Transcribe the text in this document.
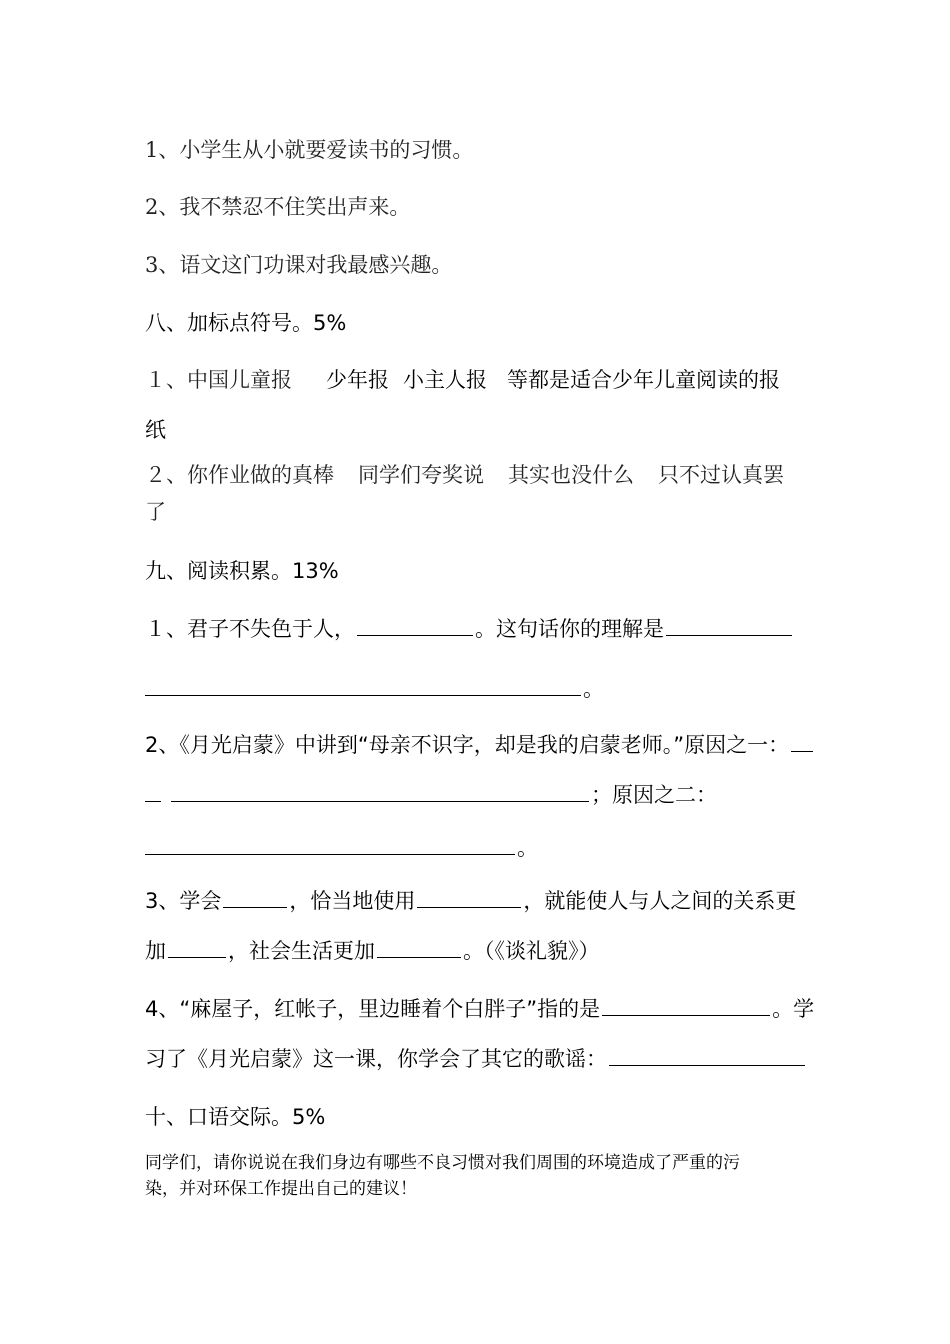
1、小学生从小就要爱读书的习惯。
2、我不禁忍不住笑出声来。
3、语文这门功课对我最感兴趣。
八、加标点符号。5%
１、中国儿童报 少年报 小主人报 等都是适合少年儿童阅读的报
纸
２、你作业做的真棒 同学们夸奖说 其实也没什么 只不过认真罢
了
九、阅读积累。13%
１、君子不失色于人，	。这句话你的理解是
。
2、《月光启蒙》中讲到“母亲不识字，却是我的启蒙老师。”原因之一：
；原因之二：
。
3、学会	，恰当地使用	，就能使人与人之间的关系更
加	，社会生活更加	。（《谈礼貌》）
4、“麻屋子，红帐子，里边睡着个白胖子”指的是	。学
习了《月光启蒙》这一课，你学会了其它的歌谣：
十、口语交际。5%
同学们，请你说说在我们身边有哪些不良习惯对我们周围的环境造成了严重的污
染，并对环保工作提出自己的建议！
